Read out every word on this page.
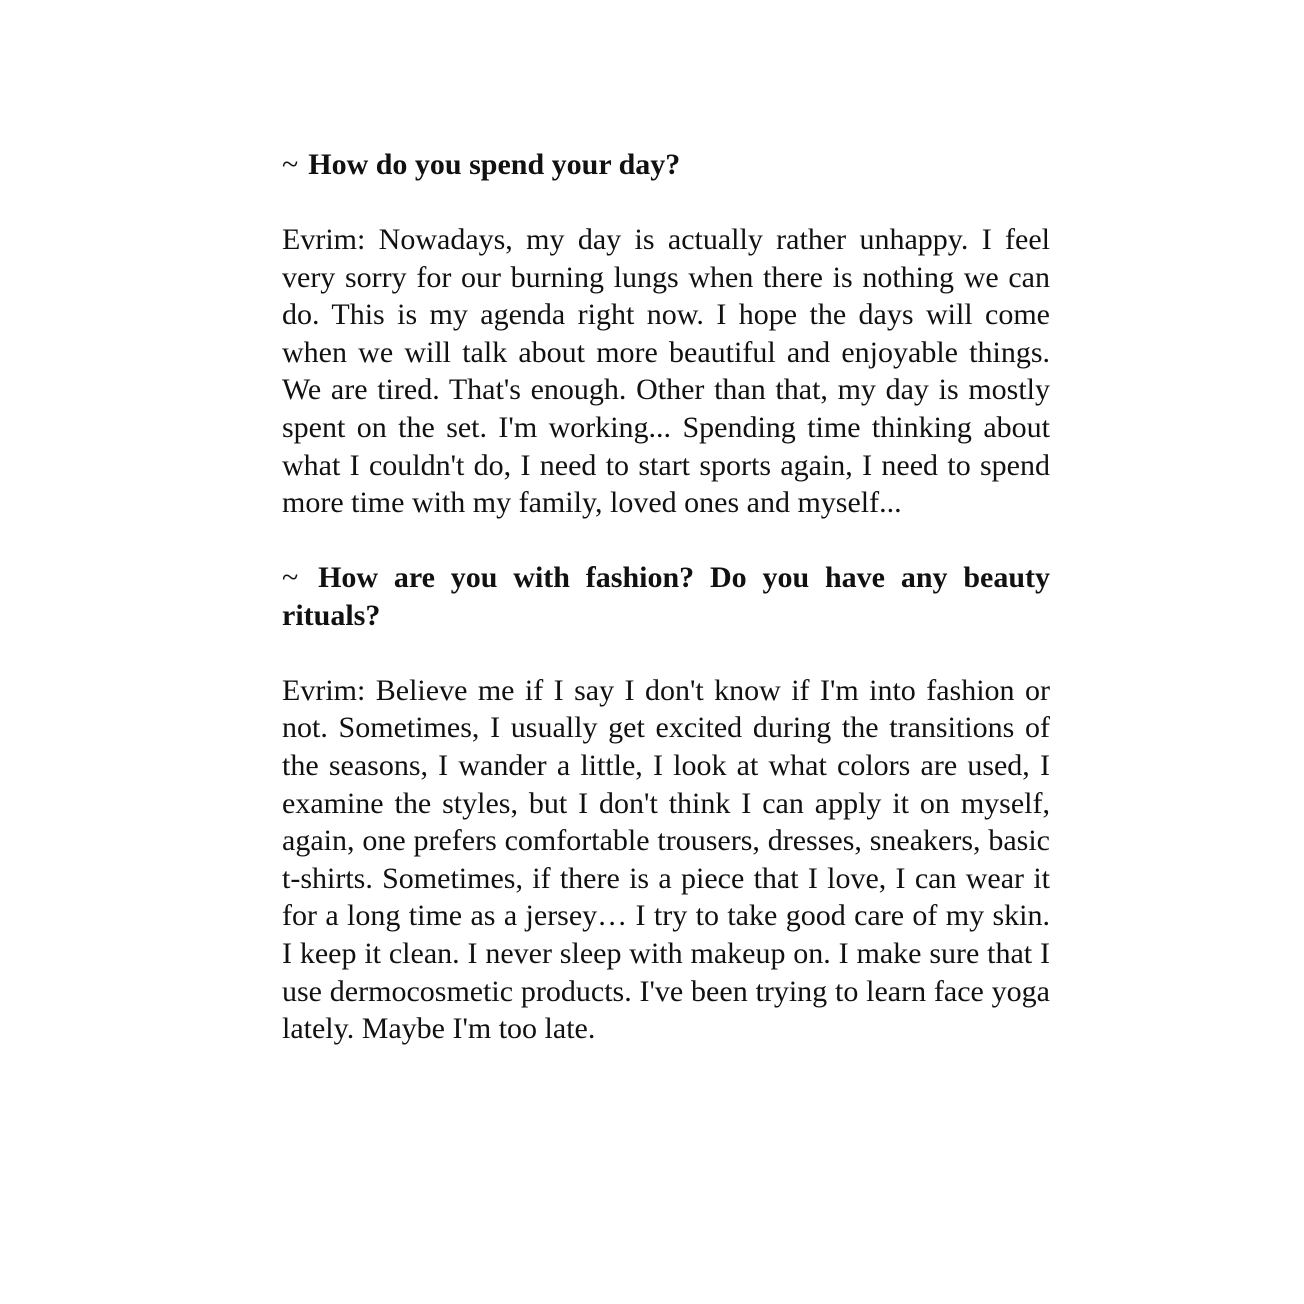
~ How do you spend your day?

Evrim: Nowadays, my day is actually rather unhappy. I feel very sorry for our burning lungs when there is nothing we can do. This is my agenda right now. I hope the days will come when we will talk about more beautiful and enjoyable things. We are tired. That's enough. Other than that, my day is mostly spent on the set. I'm working... Spending time thinking about what I couldn't do, I need to start sports again, I need to spend more time with my family, loved ones and myself...

~ How are you with fashion? Do you have any beauty rituals?

Evrim: Believe me if I say I don't know if I'm into fashion or not. Sometimes, I usually get excited during the transitions of the seasons, I wander a little, I look at what colors are used, I examine the styles, but I don't think I can apply it on myself, again, one prefers comfortable trousers, dresses, sneakers, basic t-shirts. Sometimes, if there is a piece that I love, I can wear it for a long time as a jersey… I try to take good care of my skin. I keep it clean. I never sleep with makeup on. I make sure that I use dermocosmetic products. I've been trying to learn face yoga lately. Maybe I'm too late.
